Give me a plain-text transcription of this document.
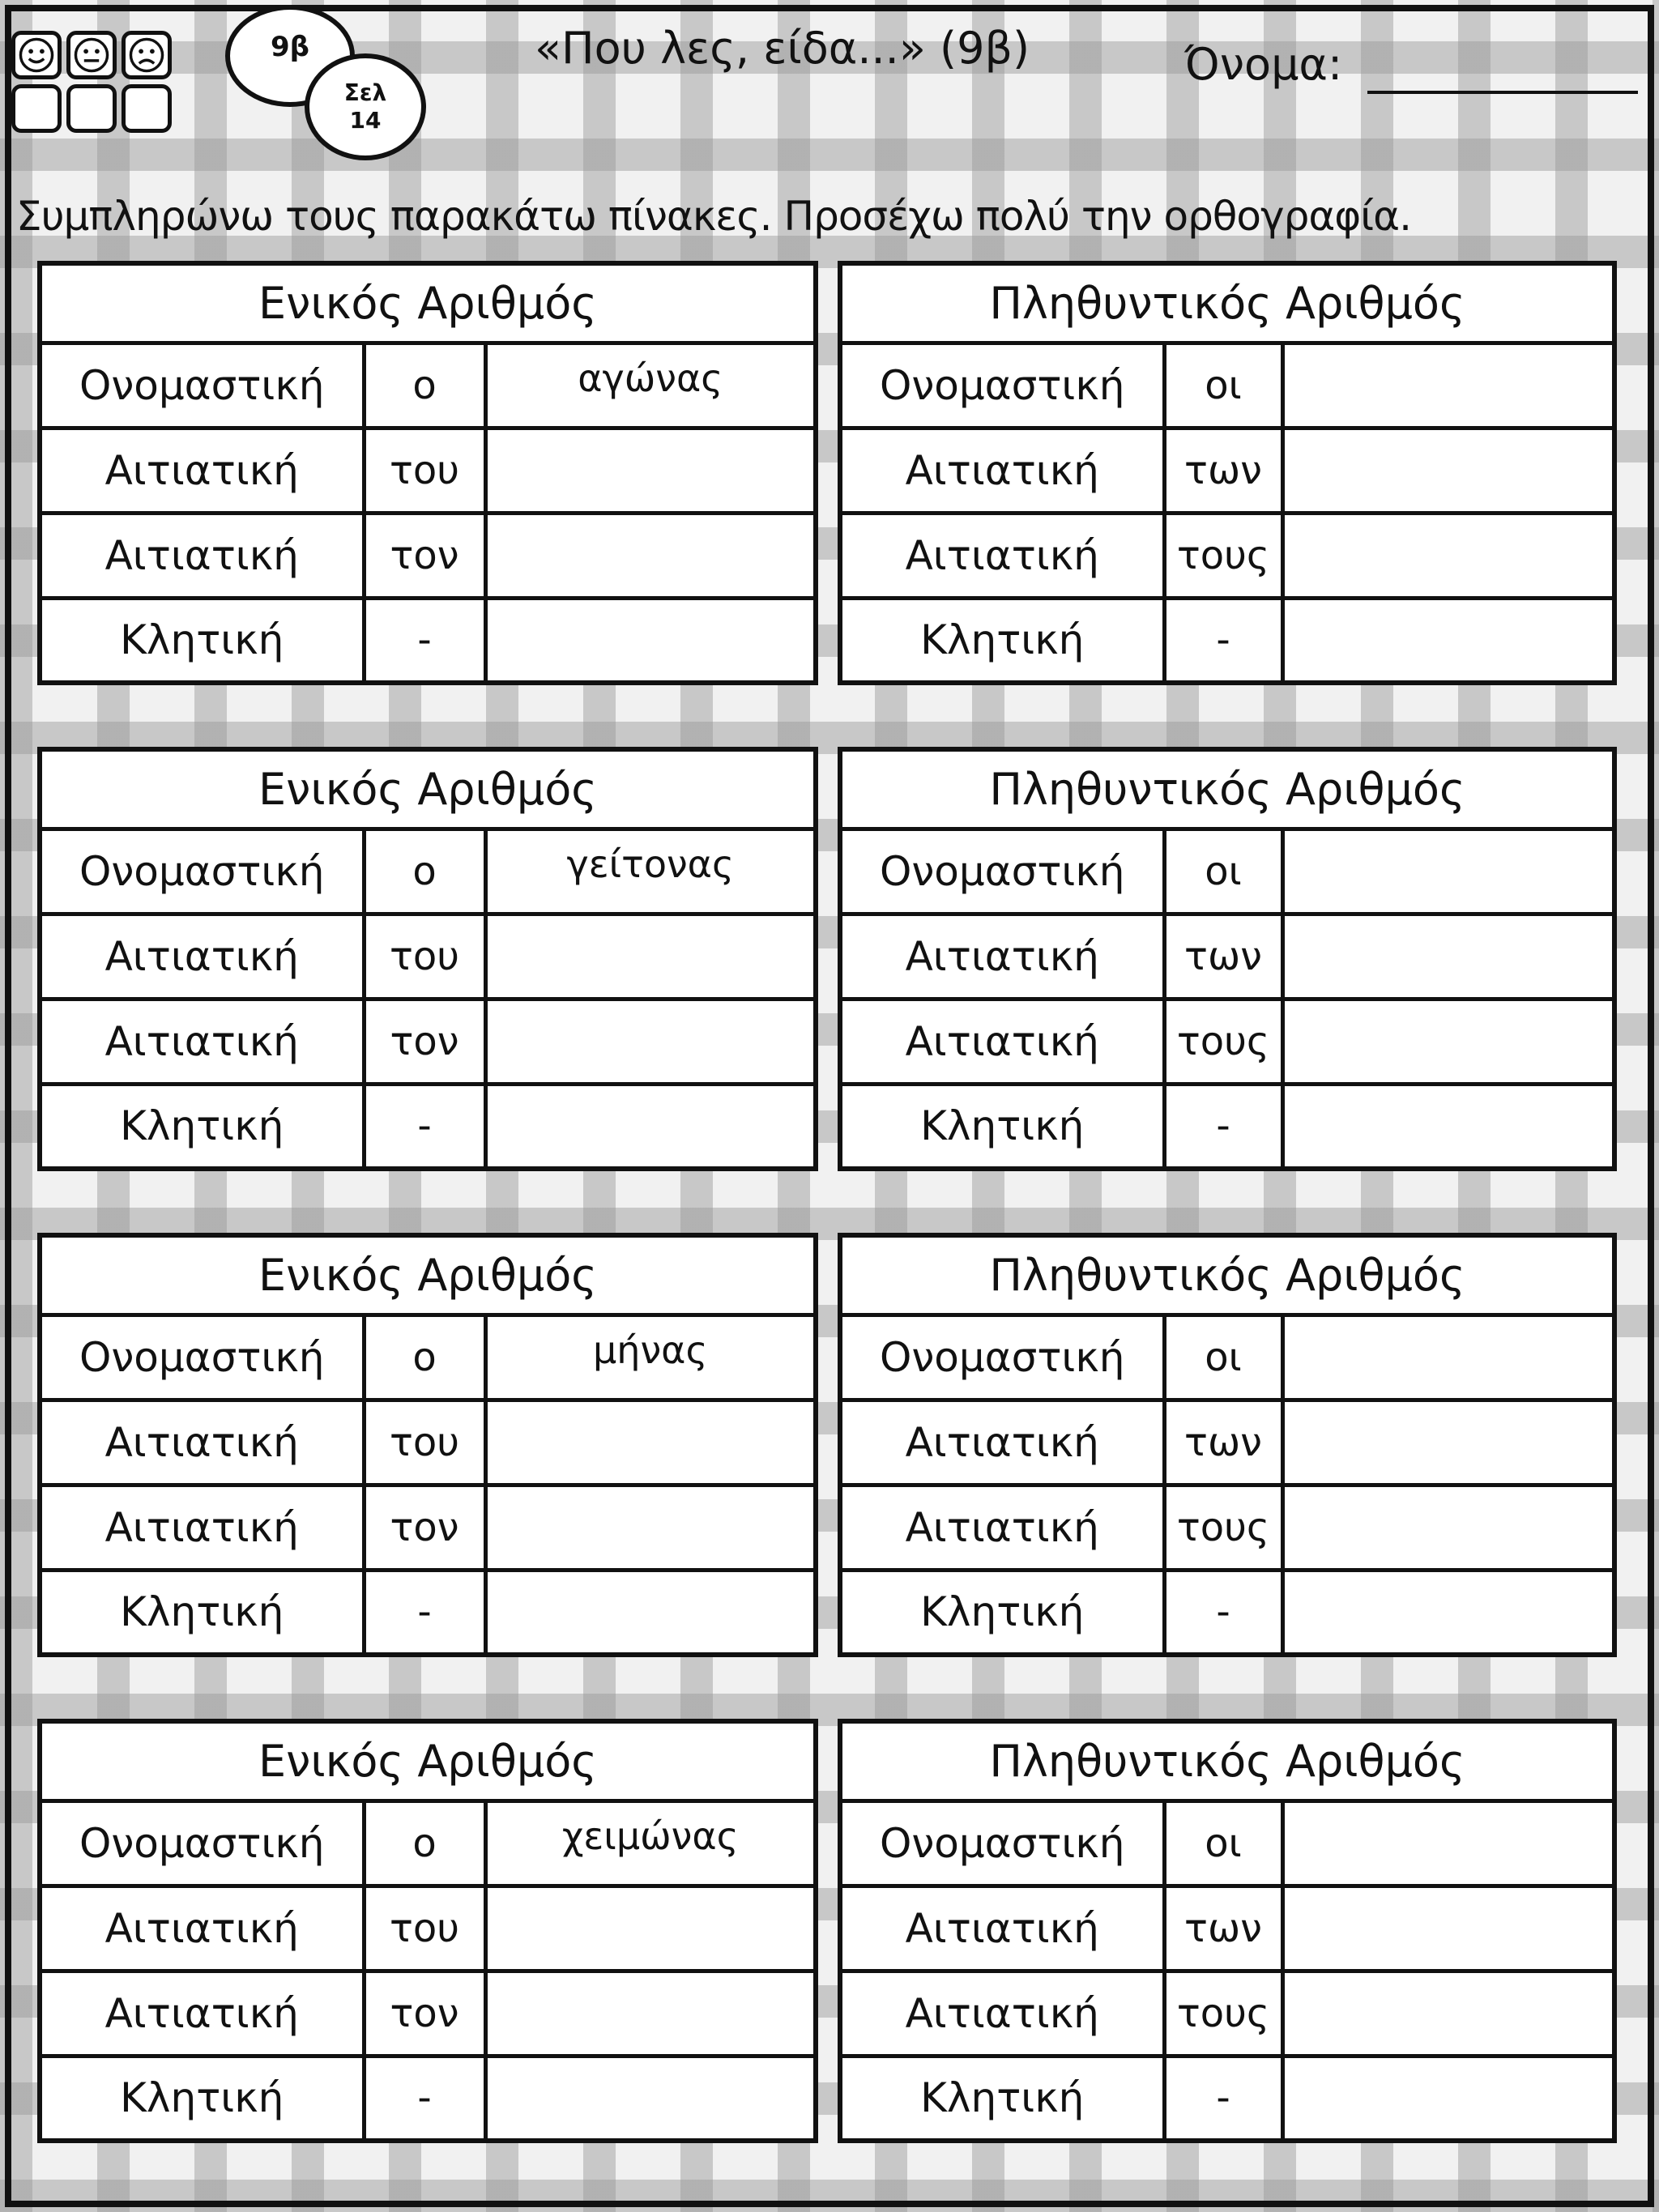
9β
Σελ
14
«Που λες, είδα...» (9β)	Όνομα:
Συμπληρώνω τους παρακάτω πίνακες. Προσέχω πολύ την ορθογραφία.
Ενικός Αριθμός		
Ονομαστική	ο	αγώνας
Αιτιατική	του	
Αιτιατική	τον	
Κλητική	-	
Πληθυντικός Αριθμός		
Ονομαστική	οι	
Αιτιατική	των	
Αιτιατική	τους	
Κλητική	-	
Ενικός Αριθμός		
Ονομαστική	ο	γείτονας
Αιτιατική	του	
Αιτιατική	τον	
Κλητική	-	
Πληθυντικός Αριθμός		
Ονομαστική	οι	
Αιτιατική	των	
Αιτιατική	τους	
Κλητική	-	
Ενικός Αριθμός		
Ονομαστική	ο	μήνας
Αιτιατική	του	
Αιτιατική	τον	
Κλητική	-	
Πληθυντικός Αριθμός		
Ονομαστική	οι	
Αιτιατική	των	
Αιτιατική	τους	
Κλητική	-	
Ενικός Αριθμός		
Ονομαστική	ο	χειμώνας
Αιτιατική	του	
Αιτιατική	τον	
Κλητική	-	
Πληθυντικός Αριθμός		
Ονομαστική	οι	
Αιτιατική	των	
Αιτιατική	τους	
Κλητική	-	
